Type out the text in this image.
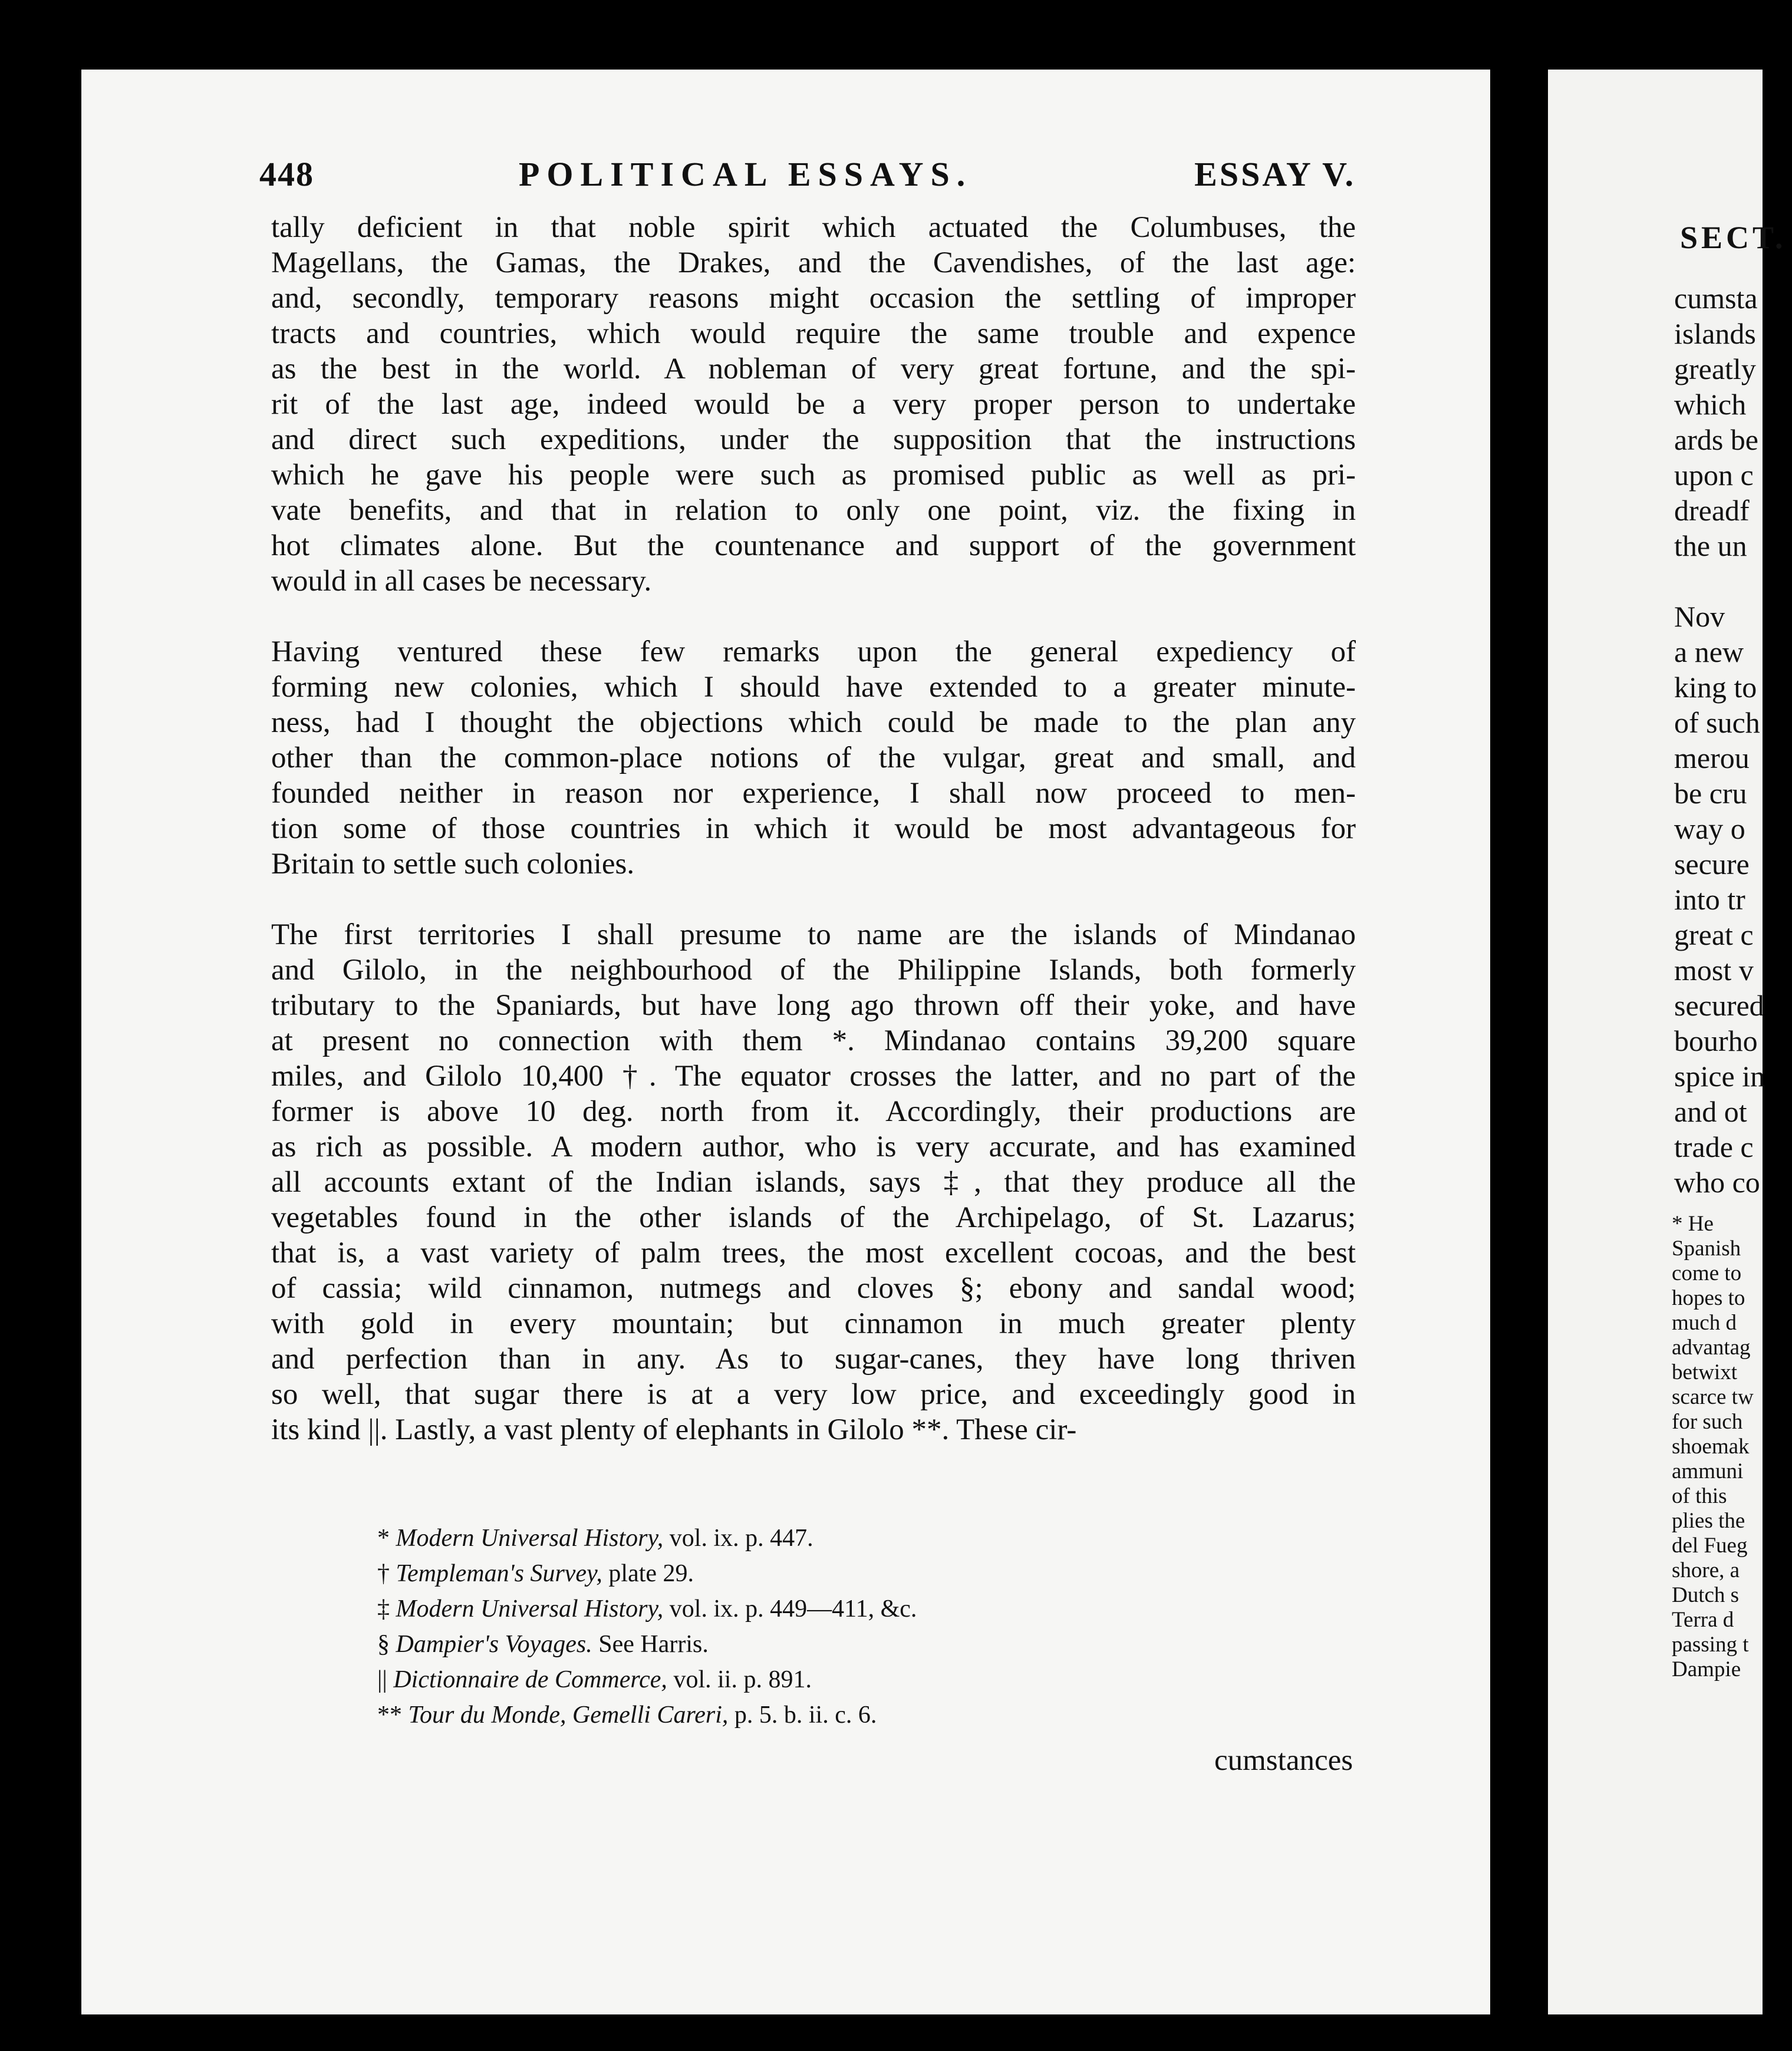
448	POLITICAL ESSAYS.	ESSAY V.
tally deficient in that noble spirit which actuated the Columbuses, the
Magellans, the Gamas, the Drakes, and the Cavendishes, of the last age:
and, secondly, temporary reasons might occasion the settling of improper
tracts and countries, which would require the same trouble and expence
as the best in the world. A nobleman of very great fortune, and the spi-
rit of the last age, indeed would be a very proper person to undertake
and direct such expeditions, under the supposition that the instructions
which he gave his people were such as promised public as well as pri-
vate benefits, and that in relation to only one point, viz. the fixing in
hot climates alone. But the countenance and support of the government
would in all cases be necessary.
Having ventured these few remarks upon the general expediency of
forming new colonies, which I should have extended to a greater minute-
ness, had I thought the objections which could be made to the plan any
other than the common-place notions of the vulgar, great and small, and
founded neither in reason nor experience, I shall now proceed to men-
tion some of those countries in which it would be most advantageous for
Britain to settle such colonies.
The first territories I shall presume to name are the islands of Mindanao
and Gilolo, in the neighbourhood of the Philippine Islands, both formerly
tributary to the Spaniards, but have long ago thrown off their yoke, and have
at present no connection with them *. Mindanao contains 39,200 square
miles, and Gilolo 10,400 †. The equator crosses the latter, and no part of the
former is above 10 deg. north from it. Accordingly, their productions are
as rich as possible. A modern author, who is very accurate, and has examined
all accounts extant of the Indian islands, says ‡, that they produce all the
vegetables found in the other islands of the Archipelago, of St. Lazarus;
that is, a vast variety of palm trees, the most excellent cocoas, and the best
of cassia; wild cinnamon, nutmegs and cloves §; ebony and sandal wood;
with gold in every mountain; but cinnamon in much greater plenty
and perfection than in any. As to sugar-canes, they have long thriven
so well, that sugar there is at a very low price, and exceedingly good in
its kind ||. Lastly, a vast plenty of elephants in Gilolo **. These cir-
* Modern Universal History, vol. ix. p. 447.
† Templeman's Survey, plate 29.
‡ Modern Universal History, vol. ix. p. 449—411, &c.
§ Dampier's Voyages. See Harris.
|| Dictionnaire de Commerce, vol. ii. p. 891.
** Tour du Monde, Gemelli Careri, p. 5. b. ii. c. 6.
cumstances
SECT.
cumsta
islands
greatly
which
ards be
upon c
dreadf
the un

Nov
a new
king to
of such
merou
be cru
way o
secure
into tr
great c
most v
secured
bourho
spice in
and ot
trade c
who co
* He
Spanish
come to
hopes to
much d
advantag
betwixt
scarce tw
for such
shoemak
ammuni
of this
plies the
del Fueg
shore, a
Dutch s
Terra d
passing t
Dampie
